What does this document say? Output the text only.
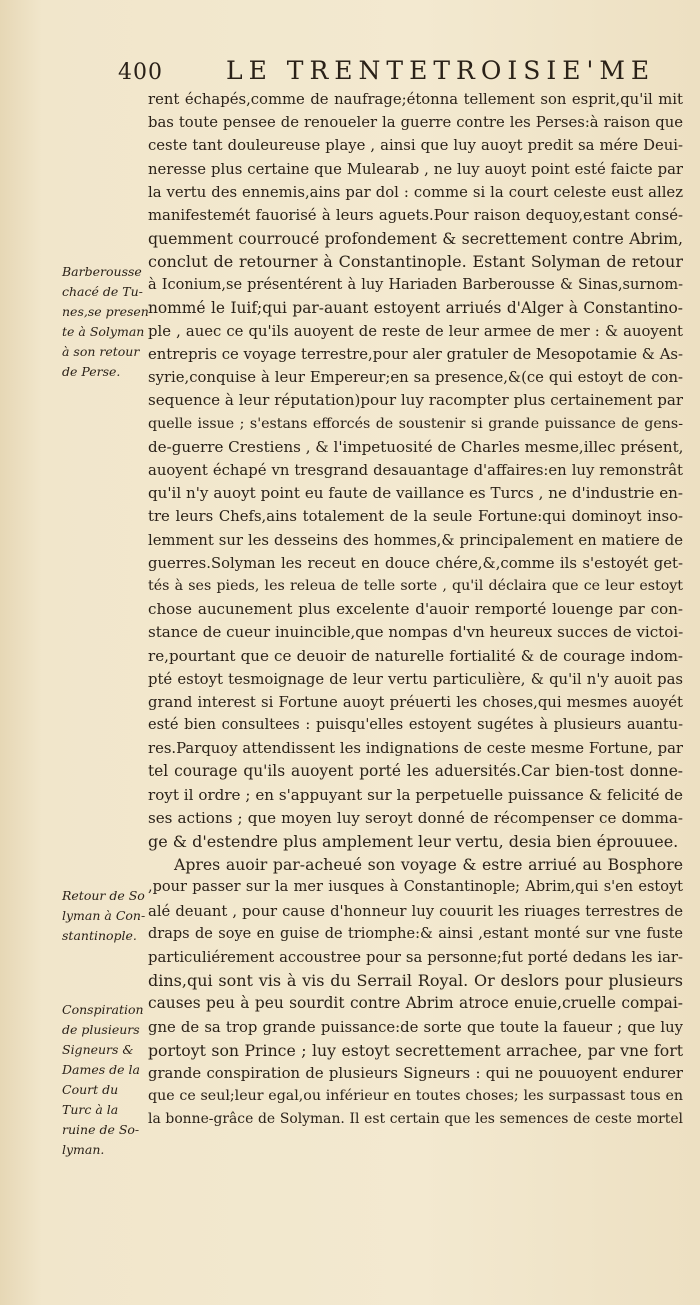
400	LE TRENTETROISIE'ME
Barberousse
chacé de Tu-
nes,se presen
te à Solyman
à son retour
de Perse.
Retour de So
lyman à Con-
stantinople.
Conspiration
de plusieurs
Signeurs &
Dames de la
Court du
Turc à la
ruine de So-
lyman.
rent échapés,comme de naufrage;étonna tellement son esprit,qu'il mit
bas toute pensee de renoueler la guerre contre les Perses:à raison que
ceste tant douleureuse playe , ainsi que luy auoyt predit sa mére Deui-
neresse plus certaine que Mulearab , ne luy auoyt point esté faicte par
la vertu des ennemis,ains par dol : comme si la court celeste eust allez
manifestemét fauorisé à leurs aguets.Pour raison dequoy,estant consé-
quemment courroucé profondement & secrettement contre Abrim,
conclut de retourner à Constantinople. Estant Solyman de retour
à Iconium,se présentérent à luy Hariaden Barberousse & Sinas,surnom-
nommé le Iuif;qui par-auant estoyent arriués d'Alger à Constantino-
ple , auec ce qu'ils auoyent de reste de leur armee de mer : & auoyent
entrepris ce voyage terrestre,pour aler gratuler de Mesopotamie & As-
syrie,conquise à leur Empereur;en sa presence,&(ce qui estoyt de con-
sequence à leur réputation)pour luy racompter plus certainement par
quelle issue ; s'estans efforcés de soustenir si grande puissance de gens-
de-guerre Crestiens , & l'impetuosité de Charles mesme,illec présent,
auoyent échapé vn tresgrand desauantage d'affaires:en luy remonstrât
qu'il n'y auoyt point eu faute de vaillance es Turcs , ne d'industrie en-
tre leurs Chefs,ains totalement de la seule Fortune:qui dominoyt inso-
lemment sur les desseins des hommes,& principalement en matiere de
guerres.Solyman les receut en douce chére,&,comme ils s'estoyét get-
tés à ses pieds, les releua de telle sorte , qu'il déclaira que ce leur estoyt
chose aucunement plus excelente d'auoir remporté louenge par con-
stance de cueur inuincible,que nompas d'vn heureux succes de victoi-
re,pourtant que ce deuoir de naturelle fortialité & de courage indom-
pté estoyt tesmoignage de leur vertu particulière, & qu'il n'y auoit pas
grand interest si Fortune auoyt préuerti les choses,qui mesmes auoyét
esté bien consultees : puisqu'elles estoyent sugétes à plusieurs auantu-
res.Parquoy attendissent les indignations de ceste mesme Fortune, par
tel courage qu'ils auoyent porté les aduersités.Car bien-tost donne-
royt il ordre ; en s'appuyant sur la perpetuelle puissance & felicité de
ses actions ; que moyen luy seroyt donné de récompenser ce domma-
ge & d'estendre plus amplement leur vertu, desia bien éprouuee.
Apres auoir par-acheué son voyage & estre arriué au Bosphore
,pour passer sur la mer iusques à Constantinople; Abrim,qui s'en estoyt
alé deuant , pour cause d'honneur luy couurit les riuages terrestres de
draps de soye en guise de triomphe:& ainsi ,estant monté sur vne fuste
particuliérement accoustree pour sa personne;fut porté dedans les iar-
dins,qui sont vis à vis du Serrail Royal. Or deslors pour plusieurs
causes peu à peu sourdit contre Abrim atroce enuie,cruelle compai-
gne de sa trop grande puissance:de sorte que toute la faueur ; que luy
portoyt son Prince ; luy estoyt secrettement arrachee, par vne fort
grande conspiration de plusieurs Signeurs : qui ne pouuoyent endurer
que ce seul;leur egal,ou inférieur en toutes choses; les surpassast tous en
la bonne-grâce de Solyman. Il est certain que les semences de ceste mortel
